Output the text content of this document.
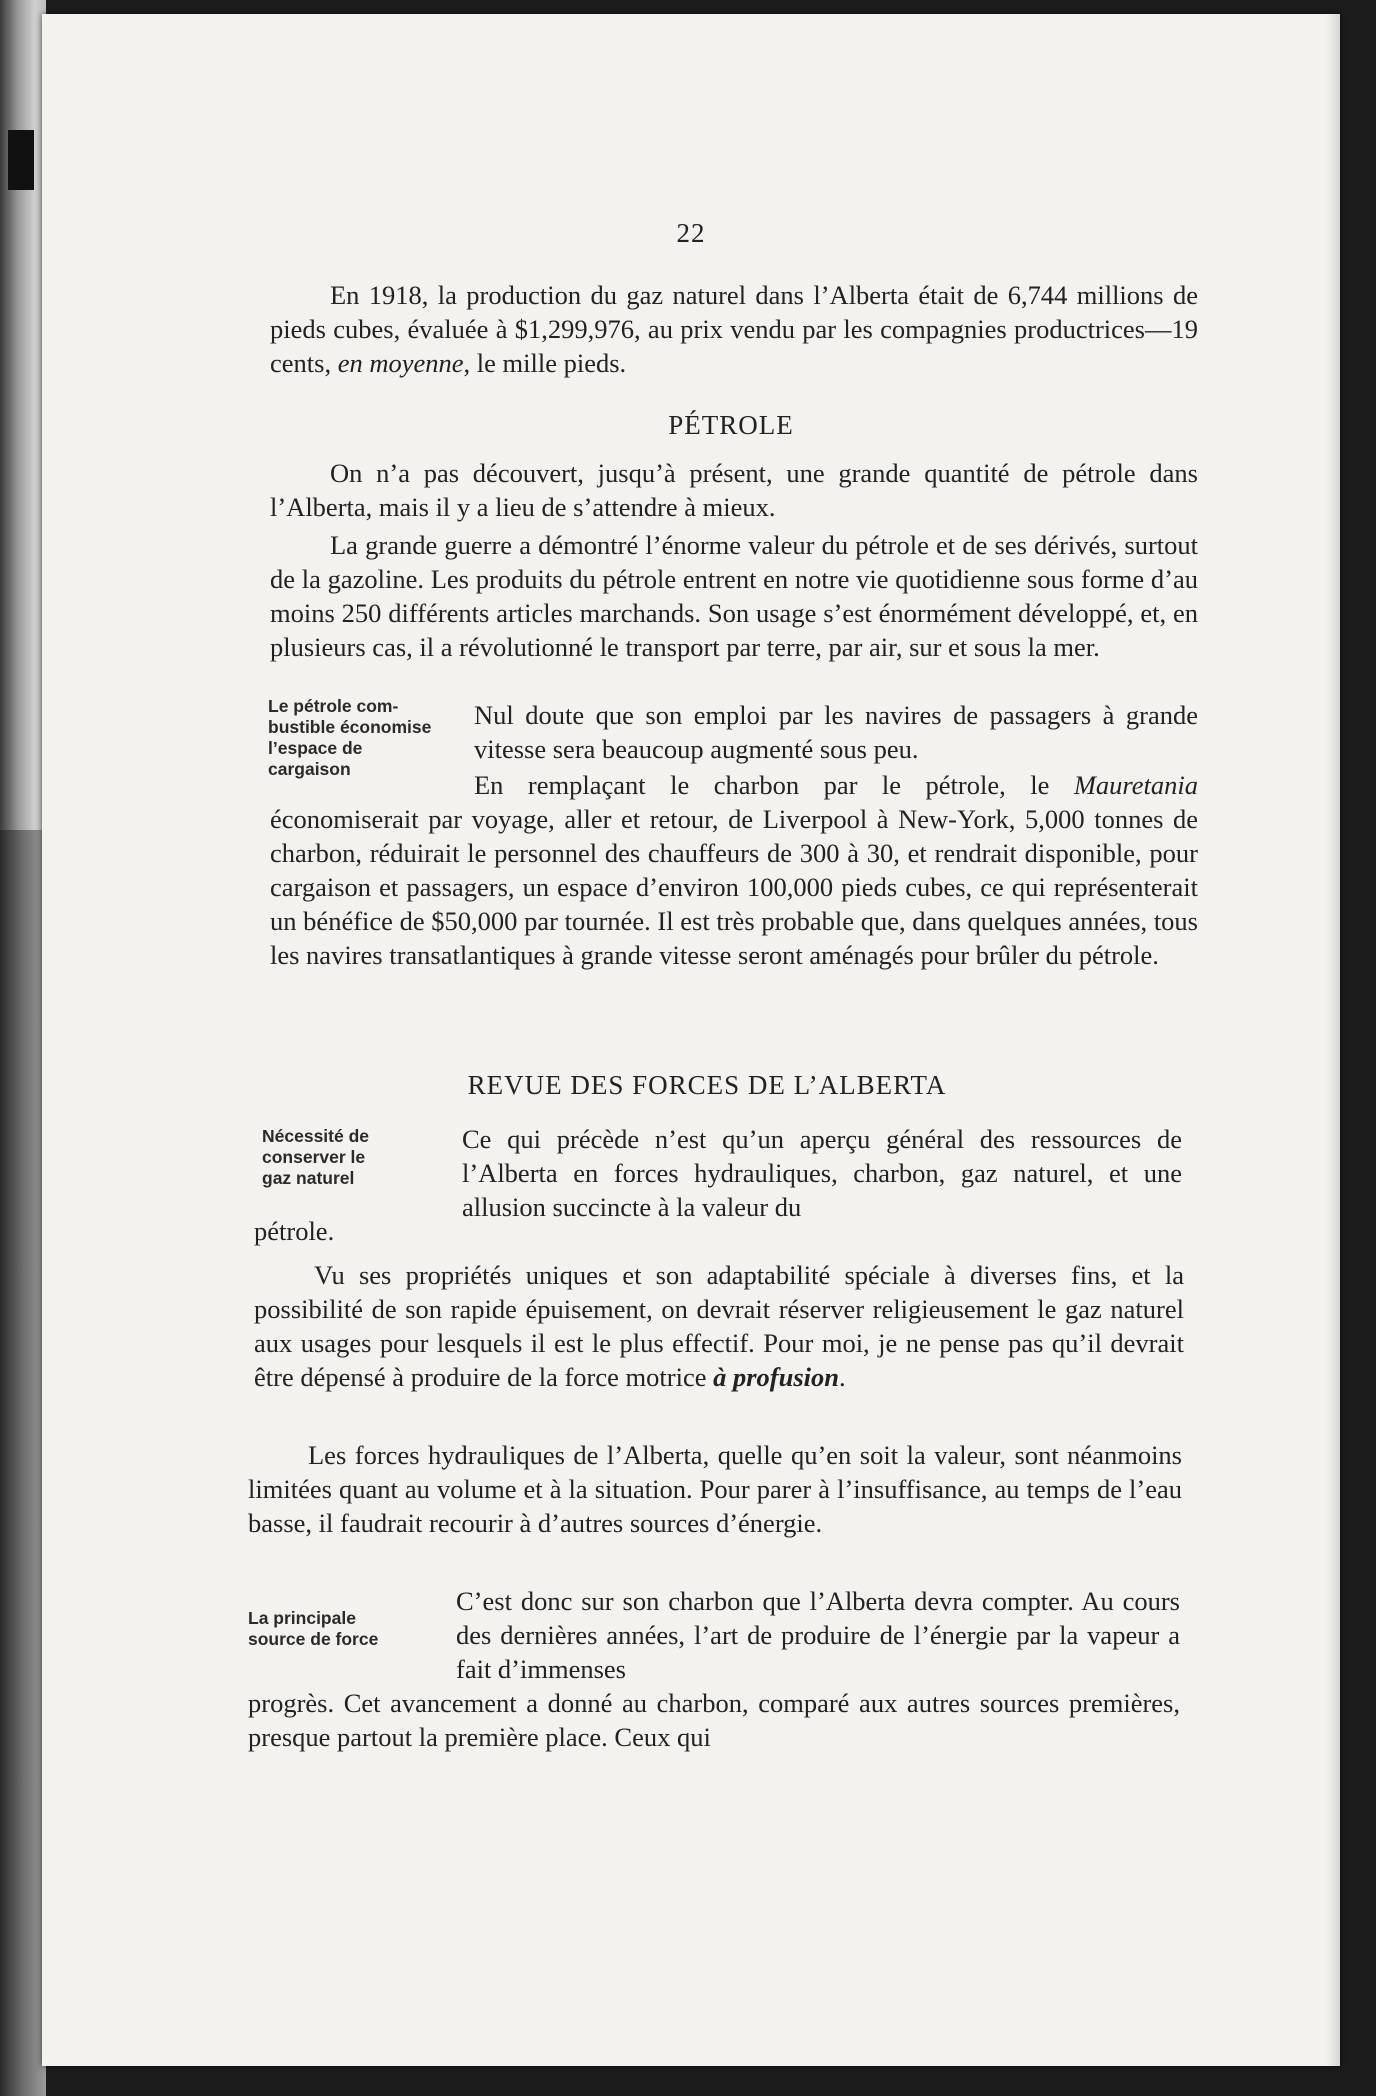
22

En 1918, la production du gaz naturel dans l’Alberta était de 6,744 millions de pieds cubes, évaluée à $1,299,976, au prix vendu par les compagnies productrices—19 cents, en moyenne, le mille pieds.

PÉTROLE

On n’a pas découvert, jusqu’à présent, une grande quantité de pétrole dans l’Alberta, mais il y a lieu de s’attendre à mieux.

La grande guerre a démontré l’énorme valeur du pétrole et de ses dérivés, surtout de la gazoline. Les produits du pétrole entrent en notre vie quotidienne sous forme d’au moins 250 différents articles marchands. Son usage s’est énormément développé, et, en plusieurs cas, il a révolutionné le transport par terre, par air, sur et sous la mer.

Le pétrole com-
bustible économise
l’espace de
cargaison

Nul doute que son emploi par les navires de passagers à grande vitesse sera beaucoup augmenté sous peu.

En remplaçant le charbon par le pétrole, le Mauretania économiserait par voyage, aller et retour, de Liverpool à New-York, 5,000 tonnes de charbon, réduirait le personnel des chauffeurs de 300 à 30, et rendrait disponible, pour cargaison et passagers, un espace d’environ 100,000 pieds cubes, ce qui représenterait un bénéfice de $50,000 par tournée. Il est très probable que, dans quelques années, tous les navires transatlantiques à grande vitesse seront aménagés pour brûler du pétrole.

REVUE DES FORCES DE L’ALBERTA
Nécessité de
conserver le
gaz naturel

Ce qui précède n’est qu’un aperçu général des ressources de l’Alberta en forces hydrauliques, charbon, gaz naturel, et une allusion succincte à la valeur du

pétrole.

Vu ses propriétés uniques et son adaptabilité spéciale à diverses fins, et la possibilité de son rapide épuisement, on devrait réserver religieusement le gaz naturel aux usages pour lesquels il est le plus effectif. Pour moi, je ne pense pas qu’il devrait être dépensé à produire de la force motrice à profusion.

Les forces hydrauliques de l’Alberta, quelle qu’en soit la valeur, sont néanmoins limitées quant au volume et à la situation. Pour parer à l’insuffisance, au temps de l’eau basse, il faudrait recourir à d’autres sources d’énergie.

La principale
source de force

C’est donc sur son charbon que l’Alberta devra compter. Au cours des dernières années, l’art de produire de l’énergie par la vapeur a fait d’immenses

progrès. Cet avancement a donné au charbon, comparé aux autres sources premières, presque partout la première place. Ceux qui
